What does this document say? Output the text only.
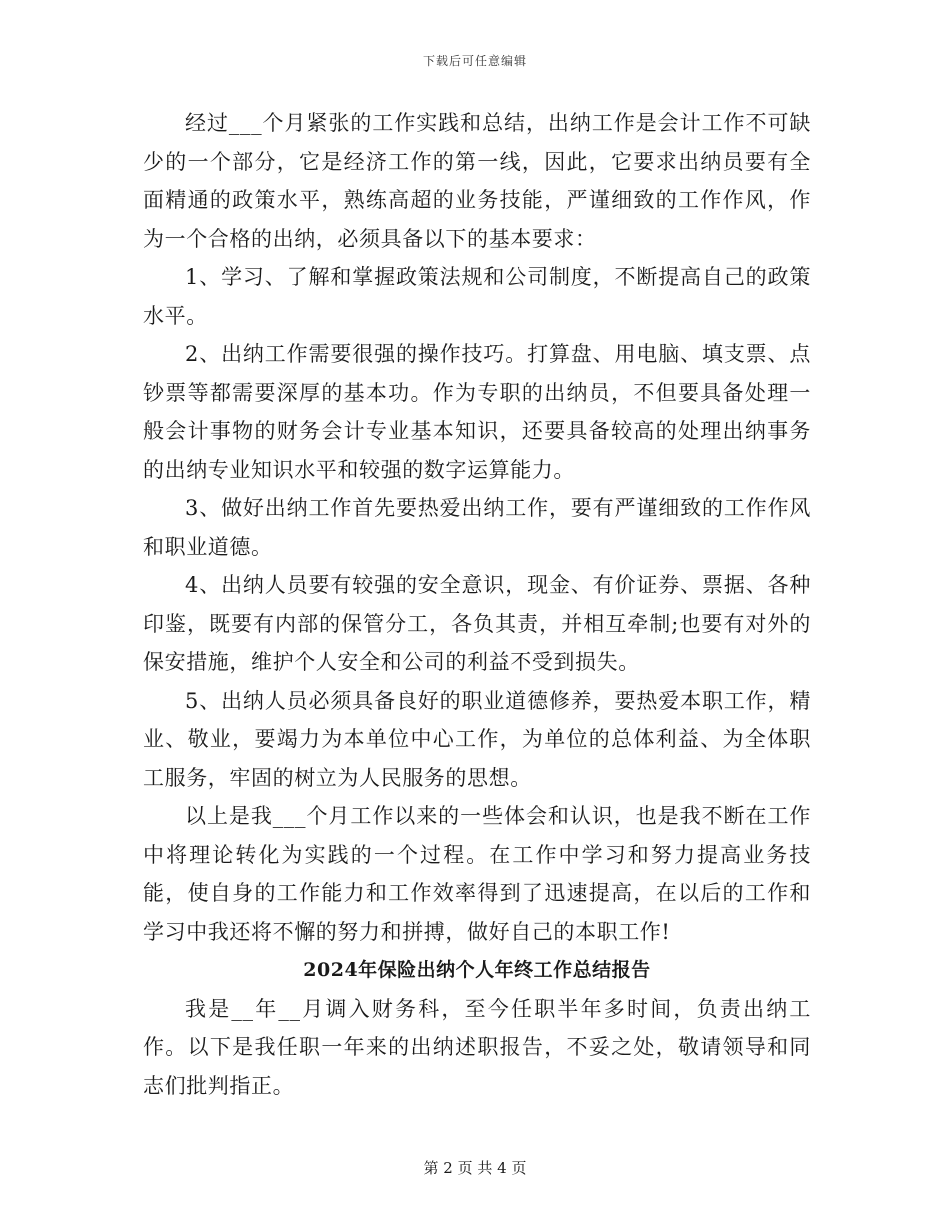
下载后可任意编辑

经过___个月紧张的工作实践和总结，出纳工作是会计工作不可缺少的一个部分，它是经济工作的第一线，因此，它要求出纳员要有全面精通的政策水平，熟练高超的业务技能，严谨细致的工作作风，作为一个合格的出纳，必须具备以下的基本要求：

1、学习、了解和掌握政策法规和公司制度，不断提高自己的政策水平。

2、出纳工作需要很强的操作技巧。打算盘、用电脑、填支票、点钞票等都需要深厚的基本功。作为专职的出纳员，不但要具备处理一般会计事物的财务会计专业基本知识，还要具备较高的处理出纳事务的出纳专业知识水平和较强的数字运算能力。

3、做好出纳工作首先要热爱出纳工作，要有严谨细致的工作作风和职业道德。

4、出纳人员要有较强的安全意识，现金、有价证券、票据、各种印鉴，既要有内部的保管分工，各负其责，并相互牵制;也要有对外的保安措施，维护个人安全和公司的利益不受到损失。

5、出纳人员必须具备良好的职业道德修养，要热爱本职工作，精业、敬业，要竭力为本单位中心工作，为单位的总体利益、为全体职工服务，牢固的树立为人民服务的思想。

以上是我___个月工作以来的一些体会和认识，也是我不断在工作中将理论转化为实践的一个过程。在工作中学习和努力提高业务技能，使自身的工作能力和工作效率得到了迅速提高，在以后的工作和学习中我还将不懈的努力和拼搏，做好自己的本职工作!

2024年保险出纳个人年终工作总结报告

我是__年__月调入财务科，至今任职半年多时间，负责出纳工作。以下是我任职一年来的出纳述职报告，不妥之处，敬请领导和同志们批判指正。

第 2 页 共 4 页
